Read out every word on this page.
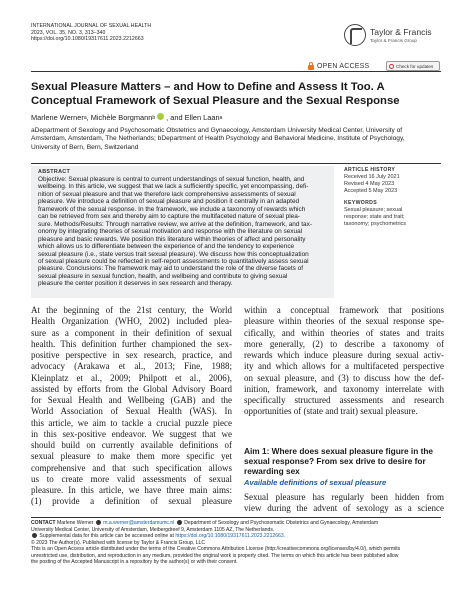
INTERNATIONAL JOURNAL OF SEXUAL HEALTH
2023, VOL. 35, NO. 3, 313–340
https://doi.org/10.1080/19317611.2023.2212663
Taylor & Francis
Taylor & Francis Group
OPEN ACCESS	Check for updates
Sexual Pleasure Matters – and How to Define and Assess It Too. A
Conceptual Framework of Sexual Pleasure and the Sexual Response
Marlene Werner a , Michèle Borgmann b , and Ellen Laan a
aDepartment of Sexology and Psychosomatic Obstetrics and Gynaecology, Amsterdam University Medical Center, University of
Amsterdam, Amsterdam, The Netherlands; bDepartment of Health Psychology and Behavioral Medicine, Institute of Psychology,
University of Bern, Bern, Switzerland
ABSTRACT
Objective: Sexual pleasure is central to current understandings of sexual function, health, and
wellbeing. In this article, we suggest that we lack a sufficiently specific, yet encompassing, defi-
nition of sexual pleasure and that we therefore lack comprehensive assessments of sexual
pleasure. We introduce a definition of sexual pleasure and position it centrally in an adapted
framework of the sexual response. In the framework, we include a taxonomy of rewards which
can be retrieved from sex and thereby aim to capture the multifaceted nature of sexual plea-
sure. Methods/Results: Through narrative review, we arrive at the definition, framework, and tax-
onomy by integrating theories of sexual motivation and response with the literature on sexual
pleasure and basic rewards. We position this literature within theories of affect and personality
which allows us to differentiate between the experience of and the tendency to experience
sexual pleasure (i.e., state versus trait sexual pleasure). We discuss how this conceptualization
of sexual pleasure could be reflected in self-report assessments to quantitatively assess sexual
pleasure. Conclusions: The framework may aid to understand the role of the diverse facets of
sexual pleasure in sexual function, health, and wellbeing and contribute to giving sexual
pleasure the center position it deserves in sex research and therapy.
ARTICLE HISTORY
Received 16 July 2021
Revised 4 May 2023
Accepted 5 May 2023
KEYWORDS
Sexual pleasure; sexual
response; state and trait;
taxonomy; psychometrics
At the beginning of the 21st century, the World
Health Organization (WHO, 2002) included plea-
sure as a component in their definition of sexual
health. This definition further championed the sex-
positive perspective in sex research, practice, and
advocacy (Arakawa et al., 2013; Fine, 1988;
Kleinplatz et al., 2009; Philpott et al., 2006),
assisted by efforts from the Global Advisory Board
for Sexual Health and Wellbeing (GAB) and the
World Association of Sexual Health (WAS). In
this article, we aim to tackle a crucial puzzle piece
in this sex-positive endeavor. We suggest that we
should build on currently available definitions of
sexual pleasure to make them more specific yet
comprehensive and that such specification allows
us to create more valid assessments of sexual
pleasure. In this article, we have three main aims:
(1) provide a definition of sexual pleasure
within a conceptual framework that positions
pleasure within theories of the sexual response spe-
cifically, and within theories of states and traits
more generally, (2) to describe a taxonomy of
rewards which induce pleasure during sexual activ-
ity and which allows for a multifaceted perspective
on sexual pleasure, and (3) to discuss how the def-
inition, framework, and taxonomy interrelate with
specifically structured assessments and research
opportunities of (state and trait) sexual pleasure.
Aim 1: Where does sexual pleasure figure in the sexual response? From sex drive to desire for rewarding sex
Available definitions of sexual pleasure
Sexual pleasure has regularly been hidden from
view during the advent of sexology as a science
CONTACT Marlene Werner m.a.werner@amsterdamumc.nl Department of Sexology and Psychosomatic Obstetrics and Gynaecology, Amsterdam
University Medical Center, University of Amsterdam, Meibergdreef 9, Amsterdam 1105 AZ, The Netherlands.
Supplemental data for this article can be accessed online at https://doi.org/10.1080/19317611.2023.2212663.
© 2023 The Author(s). Published with license by Taylor & Francis Group, LLC
This is an Open Access article distributed under the terms of the Creative Commons Attribution License (http://creativecommons.org/licenses/by/4.0/), which permits
unrestricted use, distribution, and reproduction in any medium, provided the original work is properly cited. The terms on which this article has been published allow
the posting of the Accepted Manuscript in a repository by the author(s) or with their consent.
